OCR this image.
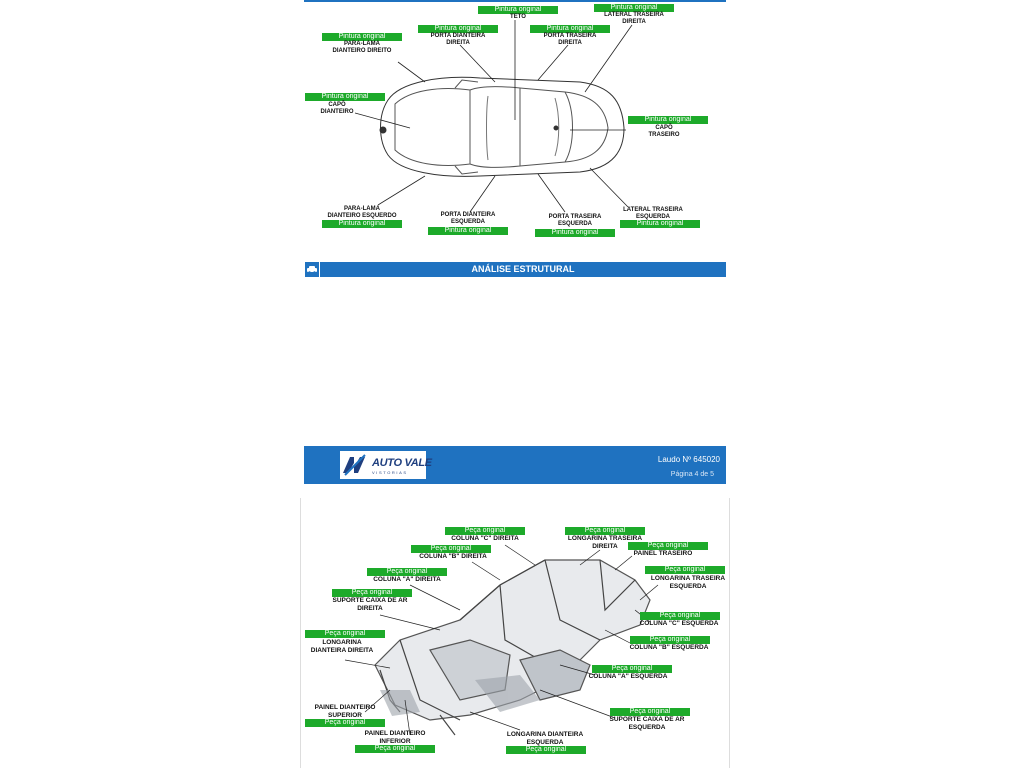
Pintura original
PARA-LAMA
DIANTEIRO DIREITO
Pintura original
PORTA DIANTEIRA
DIREITA
Pintura original
TETO
Pintura original
PORTA TRASEIRA
DIREITA
Pintura original
LATERAL TRASEIRA
DIREITA
Pintura original
CAPÔ
DIANTEIRO
Pintura original
CAPÔ
TRASEIRO
PARA-LAMA
DIANTEIRO ESQUERDO
Pintura original
PORTA DIANTEIRA
ESQUERDA
Pintura original
PORTA TRASEIRA
ESQUERDA
Pintura original
LATERAL TRASEIRA
ESQUERDA
Pintura original
ANÁLISE ESTRUTURAL
AUTO VALE
VISTORIAS
Laudo Nº 645020
Página 4 de 5
Peça original
COLUNA "C" DIREITA
Peça original
LONGARINA TRASEIRA
DIREITA
Peça original
COLUNA "B" DIREITA
Peça original
PAINEL TRASEIRO
Peça original
COLUNA "A" DIREITA
Peça original
LONGARINA TRASEIRA
ESQUERDA
Peça original
SUPORTE CAIXA DE AR
DIREITA
Peça original
COLUNA "C" ESQUERDA
Peça original
LONGARINA
DIANTEIRA DIREITA
Peça original
COLUNA "B" ESQUERDA
Peça original
COLUNA "A" ESQUERDA
PAINEL DIANTEIRO
SUPERIOR
Peça original
Peça original
SUPORTE CAIXA DE AR
ESQUERDA
PAINEL DIANTEIRO
INFERIOR
Peça original
LONGARINA DIANTEIRA
ESQUERDA
Peça original
